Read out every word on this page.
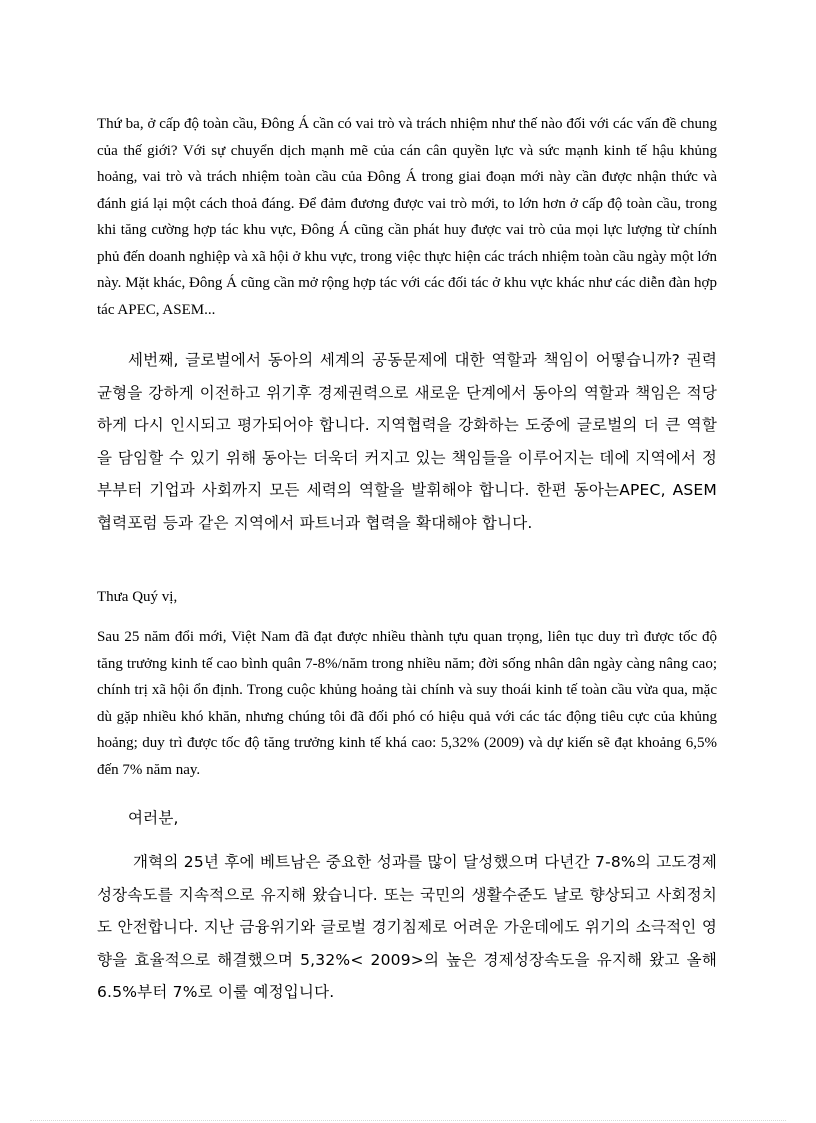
Thứ ba, ở cấp độ toàn cầu, Đông Á cần có vai trò và trách nhiệm như thế nào đối với các vấn đề chung của thế giới? Với sự chuyển dịch mạnh mẽ của cán cân quyền lực và sức mạnh kinh tế hậu khủng hoảng, vai trò và trách nhiệm toàn cầu của Đông Á trong giai đoạn mới này cần được nhận thức và đánh giá lại một cách thoả đáng. Để đảm đương được vai trò mới, to lớn hơn ở cấp độ toàn cầu, trong khi tăng cường hợp tác khu vực, Đông Á cũng cần phát huy được vai trò của mọi lực lượng từ chính phủ đến doanh nghiệp và xã hội ở khu vực, trong việc thực hiện các trách nhiệm toàn cầu ngày một lớn này. Mặt khác, Đông Á cũng cần mở rộng hợp tác với các đối tác ở khu vực khác như các diễn đàn hợp tác APEC, ASEM...

세번째, 글로벌에서 동아의 세계의 공동문제에 대한 역할과 책임이 어떻습니까? 권력 균형을 강하게 이전하고 위기후 경제권력으로 새로운 단계에서 동아의 역할과 책임은 적당하게 다시 인시되고 평가되어야 합니다. 지역협력을 강화하는 도중에 글로벌의 더 큰 역할을 담임할 수 있기 위해 동아는 더욱더 커지고 있는 책임들을 이루어지는 데에 지역에서 정부부터 기업과 사회까지 모든 세력의 역할을 발휘해야 합니다. 한편 동아는APEC, ASEM 협력포럼 등과 같은 지역에서 파트너과 협력을 확대해야 합니다.

Thưa Quý vị,

Sau 25 năm đổi mới, Việt Nam đã đạt được nhiều thành tựu quan trọng, liên tục duy trì được tốc độ tăng trưởng kinh tế cao bình quân 7-8%/năm trong nhiều năm; đời sống nhân dân ngày càng nâng cao; chính trị xã hội ổn định. Trong cuộc khủng hoảng tài chính và suy thoái kinh tế toàn cầu vừa qua, mặc dù gặp nhiều khó khăn, nhưng chúng tôi đã đối phó có hiệu quả với các tác động tiêu cực của khủng hoảng; duy trì được tốc độ tăng trưởng kinh tế khá cao: 5,32% (2009) và dự kiến sẽ đạt khoảng 6,5% đến 7% năm nay.

여러분,

개혁의 25년 후에 베트남은 중요한 성과를 많이 달성했으며 다년간 7-8%의 고도경제성장속도를 지속적으로 유지해 왔습니다. 또는 국민의 생활수준도 날로 향상되고 사회정치도 안전합니다. 지난 금융위기와 글로벌 경기침제로 어려운 가운데에도 위기의 소극적인 영향을 효율적으로 해결했으며 5,32%< 2009>의 높은 경제성장속도을 유지해 왔고 올해 6.5%부터 7%로 이룰 예정입니다.
